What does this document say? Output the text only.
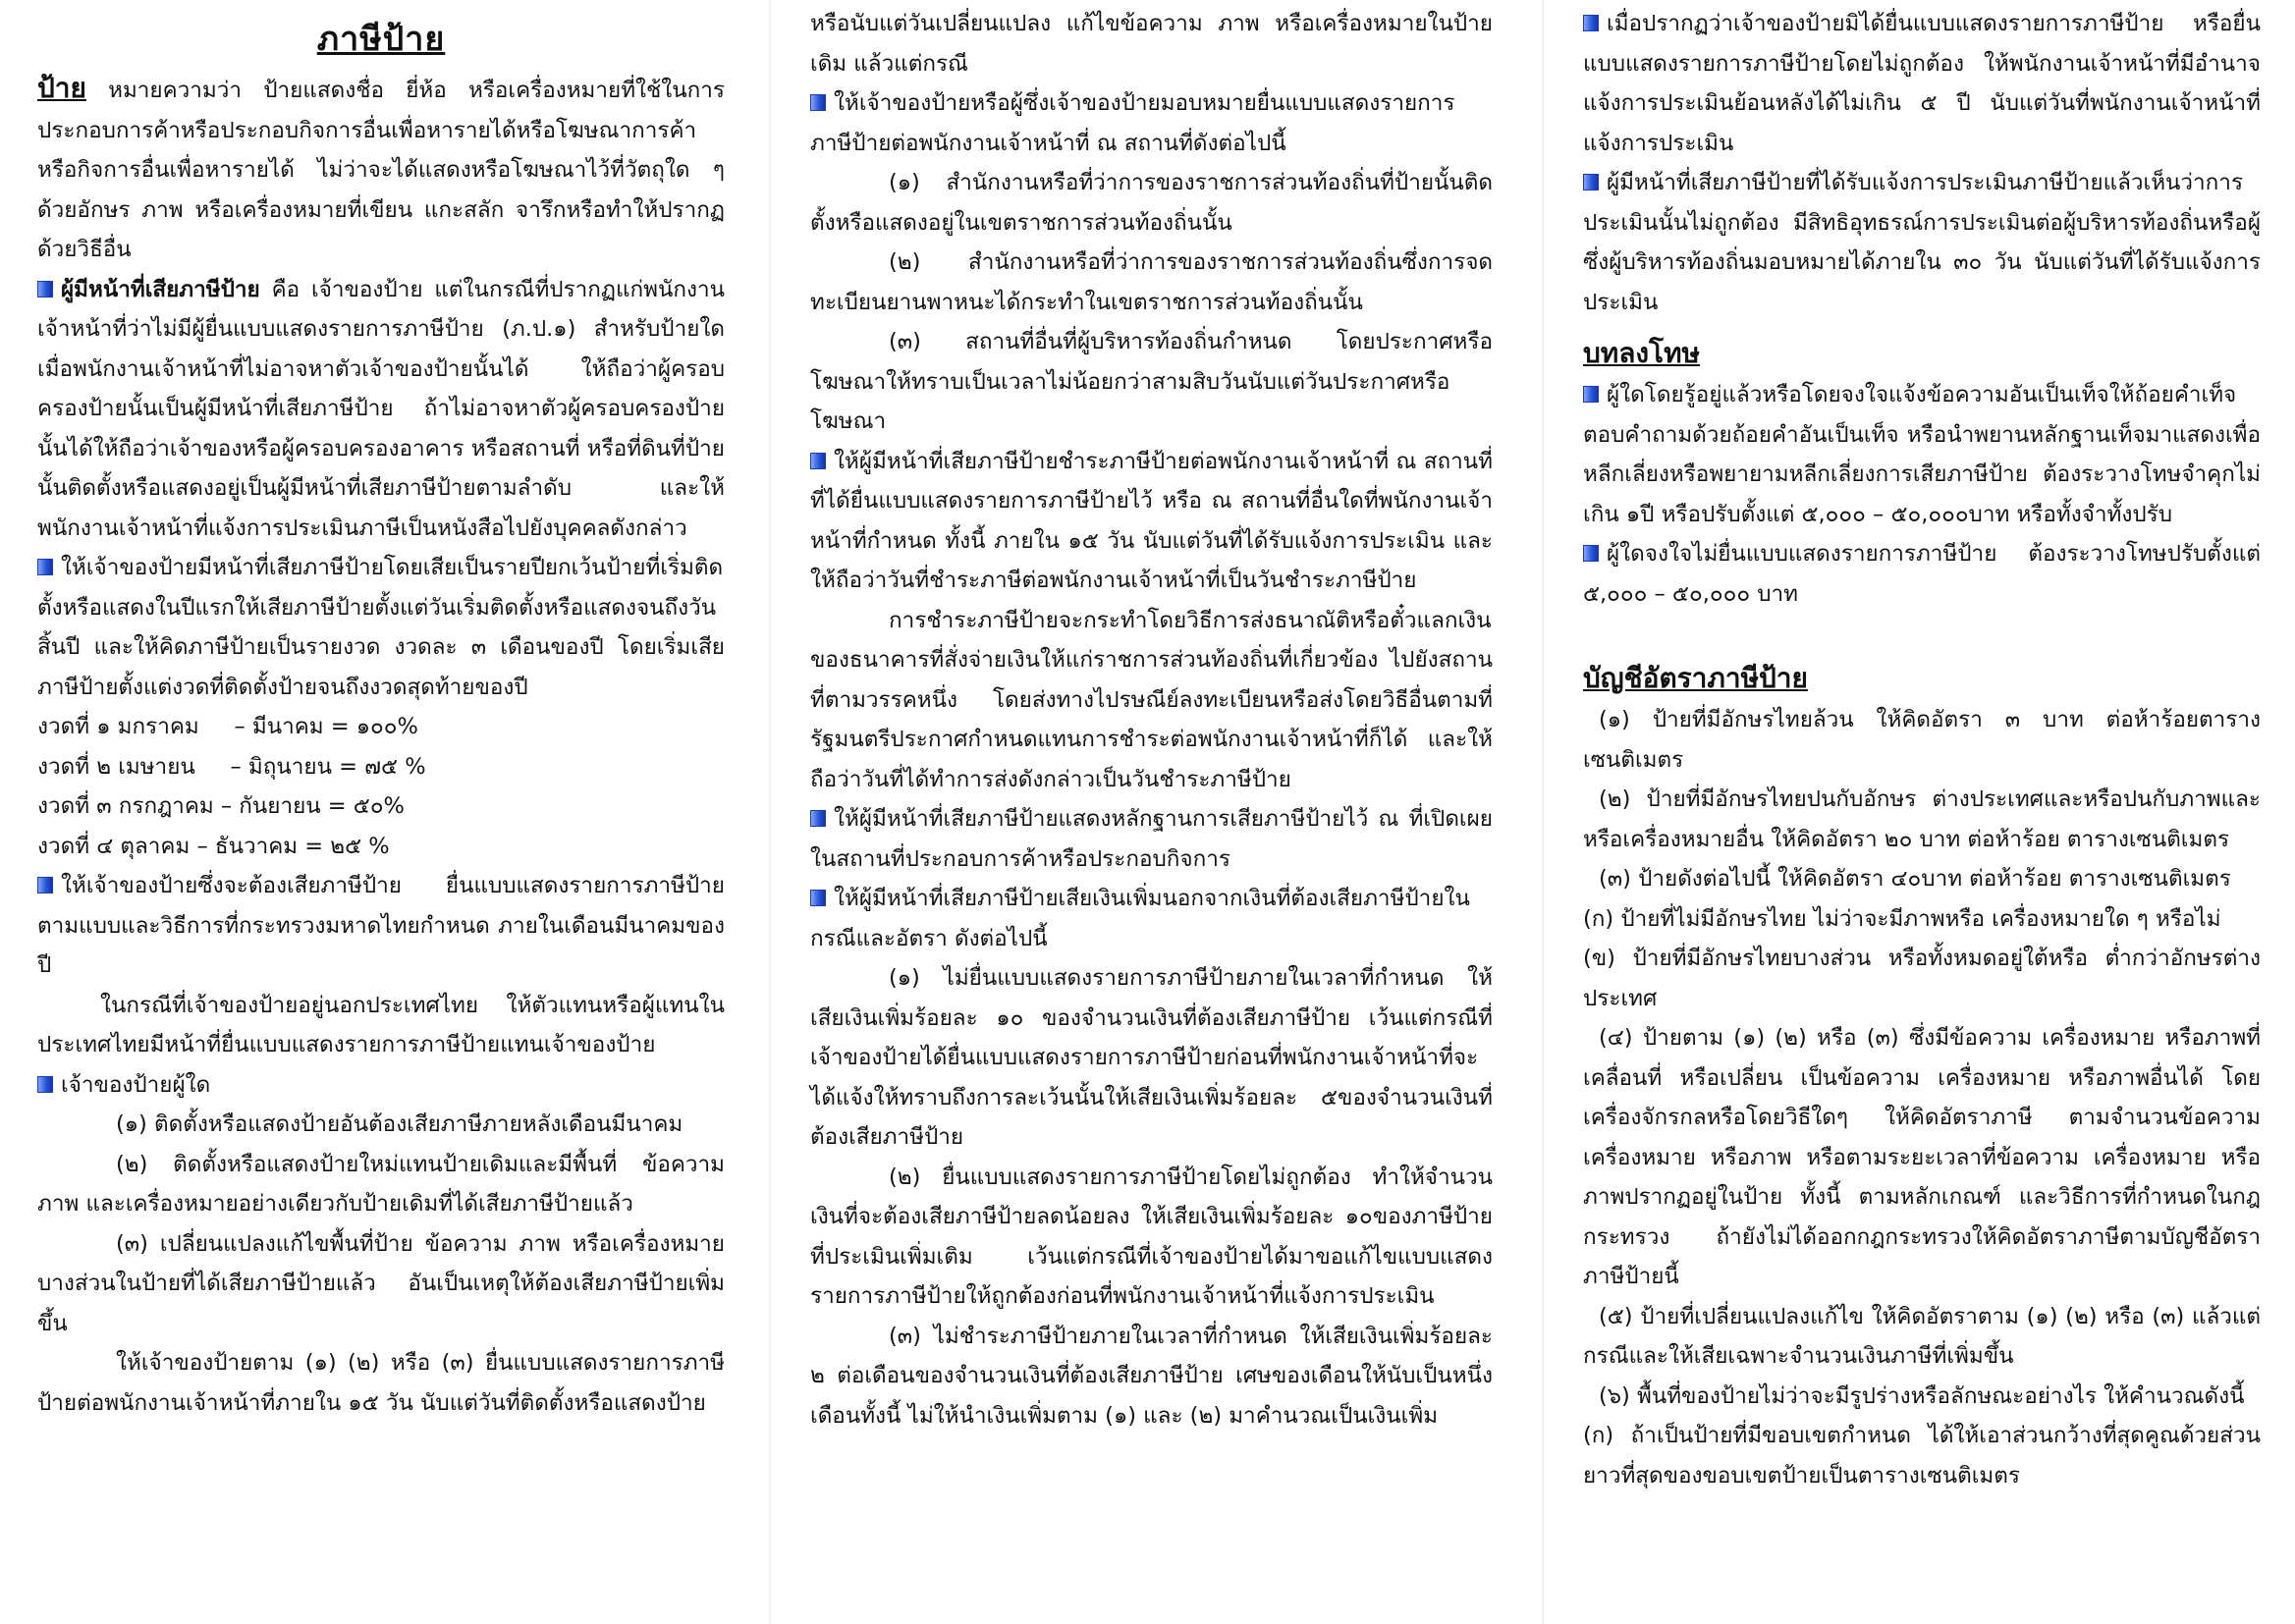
ภาษีป้าย

ป้าย หมายความว่า ป้ายแสดงชื่อ ยี่ห้อ หรือเครื่องหมายที่ใช้ในการประกอบการค้าหรือประกอบกิจการอื่นเพื่อหารายได้หรือโฆษณาการค้าหรือกิจการอื่นเพื่อหารายได้ ไม่ว่าจะได้แสดงหรือโฆษณาไว้ที่วัตถุใด ๆ ด้วยอักษร ภาพ หรือเครื่องหมายที่เขียน แกะสลัก จารึกหรือทำให้ปรากฏด้วยวิธีอื่น

ผู้มีหน้าที่เสียภาษีป้าย คือ เจ้าของป้าย แต่ในกรณีที่ปรากฏแก่พนักงานเจ้าหน้าที่ว่าไม่มีผู้ยื่นแบบแสดงรายการภาษีป้าย (ภ.ป.๑) สำหรับป้ายใด เมื่อพนักงานเจ้าหน้าที่ไม่อาจหาตัวเจ้าของป้ายนั้นได้ ให้ถือว่าผู้ครอบครองป้ายนั้นเป็นผู้มีหน้าที่เสียภาษีป้าย ถ้าไม่อาจหาตัวผู้ครอบครองป้ายนั้นได้ให้ถือว่าเจ้าของหรือผู้ครอบครองอาคาร หรือสถานที่ หรือที่ดินที่ป้ายนั้นติดตั้งหรือแสดงอยู่เป็นผู้มีหน้าที่เสียภาษีป้ายตามลำดับ และให้พนักงานเจ้าหน้าที่แจ้งการประเมินภาษีเป็นหนังสือไปยังบุคคลดังกล่าว

ให้เจ้าของป้ายมีหน้าที่เสียภาษีป้ายโดยเสียเป็นรายปียกเว้นป้ายที่เริ่มติดตั้งหรือแสดงในปีแรกให้เสียภาษีป้ายตั้งแต่วันเริ่มติดตั้งหรือแสดงจนถึงวันสิ้นปี และให้คิดภาษีป้ายเป็นรายงวด งวดละ ๓ เดือนของปี โดยเริ่มเสียภาษีป้ายตั้งแต่งวดที่ติดตั้งป้ายจนถึงงวดสุดท้ายของปี

งวดที่ ๑ มกราคม     – มีนาคม = ๑๐๐%
งวดที่ ๒ เมษายน     – มิถุนายน = ๗๕ %
งวดที่ ๓ กรกฎาคม – กันยายน = ๕๐%
งวดที่ ๔ ตุลาคม – ธันวาคม = ๒๕ %

ให้เจ้าของป้ายซึ่งจะต้องเสียภาษีป้าย ยื่นแบบแสดงรายการภาษีป้ายตามแบบและวิธีการที่กระทรวงมหาดไทยกำหนด ภายในเดือนมีนาคมของปี

ในกรณีที่เจ้าของป้ายอยู่นอกประเทศไทย ให้ตัวแทนหรือผู้แทนในประเทศไทยมีหน้าที่ยื่นแบบแสดงรายการภาษีป้ายแทนเจ้าของป้าย

เจ้าของป้ายผู้ใด

(๑) ติดตั้งหรือแสดงป้ายอันต้องเสียภาษีภายหลังเดือนมีนาคม

(๒) ติดตั้งหรือแสดงป้ายใหม่แทนป้ายเดิมและมีพื้นที่ ข้อความ ภาพ และเครื่องหมายอย่างเดียวกับป้ายเดิมที่ได้เสียภาษีป้ายแล้ว

(๓) เปลี่ยนแปลงแก้ไขพื้นที่ป้าย ข้อความ ภาพ หรือเครื่องหมายบางส่วนในป้ายที่ได้เสียภาษีป้ายแล้ว อันเป็นเหตุให้ต้องเสียภาษีป้ายเพิ่มขึ้น

ให้เจ้าของป้ายตาม (๑) (๒) หรือ (๓) ยื่นแบบแสดงรายการภาษีป้ายต่อพนักงานเจ้าหน้าที่ภายใน ๑๕ วัน นับแต่วันที่ติดตั้งหรือแสดงป้าย

หรือนับแต่วันเปลี่ยนแปลง แก้ไขข้อความ ภาพ หรือเครื่องหมายในป้ายเดิม แล้วแต่กรณี

ให้เจ้าของป้ายหรือผู้ซึ่งเจ้าของป้ายมอบหมายยื่นแบบแสดงรายการภาษีป้ายต่อพนักงานเจ้าหน้าที่ ณ สถานที่ดังต่อไปนี้

(๑) สำนักงานหรือที่ว่าการของราชการส่วนท้องถิ่นที่ป้ายนั้นติดตั้งหรือแสดงอยู่ในเขตราชการส่วนท้องถิ่นนั้น

(๒) สำนักงานหรือที่ว่าการของราชการส่วนท้องถิ่นซึ่งการจดทะเบียนยานพาหนะได้กระทำในเขตราชการส่วนท้องถิ่นนั้น

(๓) สถานที่อื่นที่ผู้บริหารท้องถิ่นกำหนด โดยประกาศหรือโฆษณาให้ทราบเป็นเวลาไม่น้อยกว่าสามสิบวันนับแต่วันประกาศหรือโฆษณา

ให้ผู้มีหน้าที่เสียภาษีป้ายชำระภาษีป้ายต่อพนักงานเจ้าหน้าที่ ณ สถานที่ที่ได้ยื่นแบบแสดงรายการภาษีป้ายไว้ หรือ ณ สถานที่อื่นใดที่พนักงานเจ้าหน้าที่กำหนด ทั้งนี้ ภายใน ๑๕ วัน นับแต่วันที่ได้รับแจ้งการประเมิน และให้ถือว่าวันที่ชำระภาษีต่อพนักงานเจ้าหน้าที่เป็นวันชำระภาษีป้าย

การชำระภาษีป้ายจะกระทำโดยวิธีการส่งธนาณัติหรือตั๋วแลกเงินของธนาคารที่สั่งจ่ายเงินให้แก่ราชการส่วนท้องถิ่นที่เกี่ยวข้อง ไปยังสถานที่ตามวรรคหนึ่ง โดยส่งทางไปรษณีย์ลงทะเบียนหรือส่งโดยวิธีอื่นตามที่รัฐมนตรีประกาศกำหนดแทนการชำระต่อพนักงานเจ้าหน้าที่ก็ได้ และให้ถือว่าวันที่ได้ทำการส่งดังกล่าวเป็นวันชำระภาษีป้าย

ให้ผู้มีหน้าที่เสียภาษีป้ายแสดงหลักฐานการเสียภาษีป้ายไว้ ณ ที่เปิดเผยในสถานที่ประกอบการค้าหรือประกอบกิจการ

ให้ผู้มีหน้าที่เสียภาษีป้ายเสียเงินเพิ่มนอกจากเงินที่ต้องเสียภาษีป้ายในกรณีและอัตรา ดังต่อไปนี้

(๑) ไม่ยื่นแบบแสดงรายการภาษีป้ายภายในเวลาที่กำหนด ให้เสียเงินเพิ่มร้อยละ ๑๐ ของจำนวนเงินที่ต้องเสียภาษีป้าย เว้นแต่กรณีที่เจ้าของป้ายได้ยื่นแบบแสดงรายการภาษีป้ายก่อนที่พนักงานเจ้าหน้าที่จะได้แจ้งให้ทราบถึงการละเว้นนั้นให้เสียเงินเพิ่มร้อยละ ๕ของจำนวนเงินที่ต้องเสียภาษีป้าย

(๒) ยื่นแบบแสดงรายการภาษีป้ายโดยไม่ถูกต้อง ทำให้จำนวนเงินที่จะต้องเสียภาษีป้ายลดน้อยลง ให้เสียเงินเพิ่มร้อยละ ๑๐ของภาษีป้ายที่ประเมินเพิ่มเติม เว้นแต่กรณีที่เจ้าของป้ายได้มาขอแก้ไขแบบแสดงรายการภาษีป้ายให้ถูกต้องก่อนที่พนักงานเจ้าหน้าที่แจ้งการประเมิน

(๓) ไม่ชำระภาษีป้ายภายในเวลาที่กำหนด ให้เสียเงินเพิ่มร้อยละ ๒ ต่อเดือนของจำนวนเงินที่ต้องเสียภาษีป้าย เศษของเดือนให้นับเป็นหนึ่งเดือนทั้งนี้ ไม่ให้นำเงินเพิ่มตาม (๑) และ (๒) มาคำนวณเป็นเงินเพิ่ม

เมื่อปรากฏว่าเจ้าของป้ายมิได้ยื่นแบบแสดงรายการภาษีป้าย หรือยื่นแบบแสดงรายการภาษีป้ายโดยไม่ถูกต้อง ให้พนักงานเจ้าหน้าที่มีอำนาจแจ้งการประเมินย้อนหลังได้ไม่เกิน ๕ ปี นับแต่วันที่พนักงานเจ้าหน้าที่แจ้งการประเมิน

ผู้มีหน้าที่เสียภาษีป้ายที่ได้รับแจ้งการประเมินภาษีป้ายแล้วเห็นว่าการประเมินนั้นไม่ถูกต้อง มีสิทธิอุทธรณ์การประเมินต่อผู้บริหารท้องถิ่นหรือผู้ซึ่งผู้บริหารท้องถิ่นมอบหมายได้ภายใน ๓๐ วัน นับแต่วันที่ได้รับแจ้งการประเมิน

บทลงโทษ

ผู้ใดโดยรู้อยู่แล้วหรือโดยจงใจแจ้งข้อความอันเป็นเท็จให้ถ้อยคำเท็จตอบคำถามด้วยถ้อยคำอันเป็นเท็จ หรือนำพยานหลักฐานเท็จมาแสดงเพื่อหลีกเลี่ยงหรือพยายามหลีกเลี่ยงการเสียภาษีป้าย ต้องระวางโทษจำคุกไม่เกิน ๑ปี หรือปรับตั้งแต่ ๕,๐๐๐ – ๕๐,๐๐๐บาท หรือทั้งจำทั้งปรับ

ผู้ใดจงใจไม่ยื่นแบบแสดงรายการภาษีป้าย ต้องระวางโทษปรับตั้งแต่ ๕,๐๐๐ – ๕๐,๐๐๐ บาท

บัญชีอัตราภาษีป้าย

(๑) ป้ายที่มีอักษรไทยล้วน ให้คิดอัตรา ๓ บาท ต่อห้าร้อยตารางเซนติเมตร

(๒) ป้ายที่มีอักษรไทยปนกับอักษร ต่างประเทศและหรือปนกับภาพและหรือเครื่องหมายอื่น ให้คิดอัตรา ๒๐ บาท ต่อห้าร้อย ตารางเซนติเมตร

(๓) ป้ายดังต่อไปนี้ ให้คิดอัตรา ๔๐บาท ต่อห้าร้อย ตารางเซนติเมตร

(ก) ป้ายที่ไม่มีอักษรไทย ไม่ว่าจะมีภาพหรือ เครื่องหมายใด ๆ หรือไม่

(ข) ป้ายที่มีอักษรไทยบางส่วน หรือทั้งหมดอยู่ใต้หรือ ต่ำกว่าอักษรต่างประเทศ

(๔) ป้ายตาม (๑) (๒) หรือ (๓) ซึ่งมีข้อความ เครื่องหมาย หรือภาพที่เคลื่อนที่ หรือเปลี่ยน เป็นข้อความ เครื่องหมาย หรือภาพอื่นได้ โดยเครื่องจักรกลหรือโดยวิธีใดๆ ให้คิดอัตราภาษี ตามจำนวนข้อความ เครื่องหมาย หรือภาพ หรือตามระยะเวลาที่ข้อความ เครื่องหมาย หรือภาพปรากฏอยู่ในป้าย ทั้งนี้ ตามหลักเกณฑ์ และวิธีการที่กำหนดในกฎกระทรวง ถ้ายังไม่ได้ออกกฎกระทรวงให้คิดอัตราภาษีตามบัญชีอัตราภาษีป้ายนี้

(๕) ป้ายที่เปลี่ยนแปลงแก้ไข ให้คิดอัตราตาม (๑) (๒) หรือ (๓) แล้วแต่กรณีและให้เสียเฉพาะจำนวนเงินภาษีที่เพิ่มขึ้น

(๖) พื้นที่ของป้ายไม่ว่าจะมีรูปร่างหรือลักษณะอย่างไร ให้คำนวณดังนี้

(ก) ถ้าเป็นป้ายที่มีขอบเขตกำหนด ได้ให้เอาส่วนกว้างที่สุดคูณด้วยส่วนยาวที่สุดของขอบเขตป้ายเป็นตารางเซนติเมตร
